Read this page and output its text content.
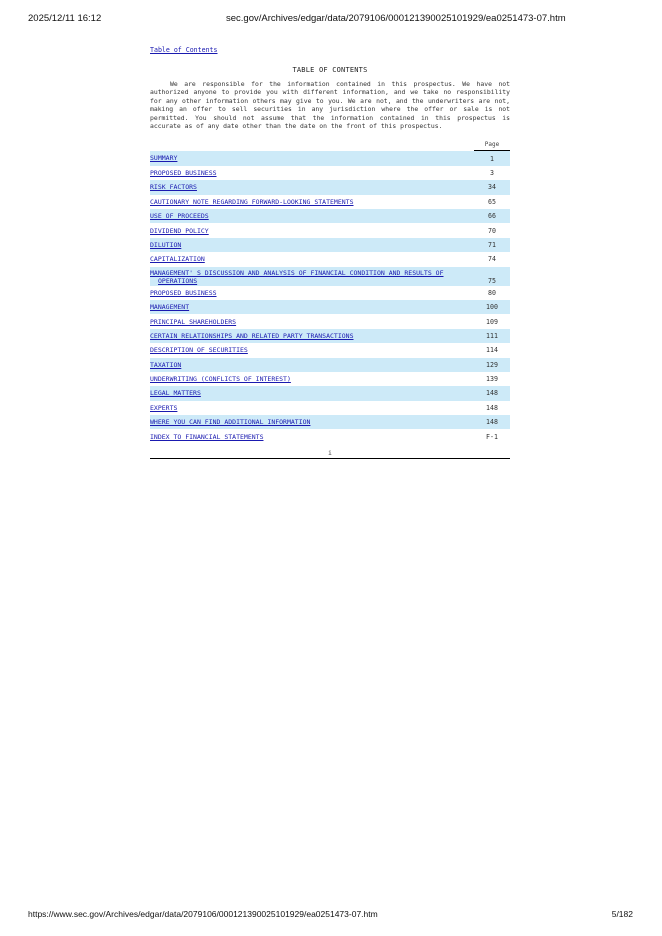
2025/12/11 16:12	sec.gov/Archives/edgar/data/2079106/000121390025101929/ea0251473-07.htm
Table of Contents
TABLE OF CONTENTS
We are responsible for the information contained in this prospectus. We have not authorized anyone to provide you with different information, and we take no responsibility for any other information others may give to you. We are not, and the underwriters are not, making an offer to sell securities in any jurisdiction where the offer or sale is not permitted. You should not assume that the information contained in this prospectus is accurate as of any date other than the date on the front of this prospectus.
	Page
SUMMARY	1
PROPOSED BUSINESS	3
RISK FACTORS	34
CAUTIONARY NOTE REGARDING FORWARD-LOOKING STATEMENTS	65
USE OF PROCEEDS	66
DIVIDEND POLICY	70
DILUTION	71
CAPITALIZATION	74
MANAGEMENT' S DISCUSSION AND ANALYSIS OF FINANCIAL CONDITION AND RESULTS OF
OPERATIONS	75
PROPOSED BUSINESS	80
MANAGEMENT	100
PRINCIPAL SHAREHOLDERS	109
CERTAIN RELATIONSHIPS AND RELATED PARTY TRANSACTIONS	111
DESCRIPTION OF SECURITIES	114
TAXATION	129
UNDERWRITING (CONFLICTS OF INTEREST)	139
LEGAL MATTERS	148
EXPERTS	148
WHERE YOU CAN FIND ADDITIONAL INFORMATION	148
INDEX TO FINANCIAL STATEMENTS	F-1
i
https://www.sec.gov/Archives/edgar/data/2079106/000121390025101929/ea0251473-07.htm	5/182
